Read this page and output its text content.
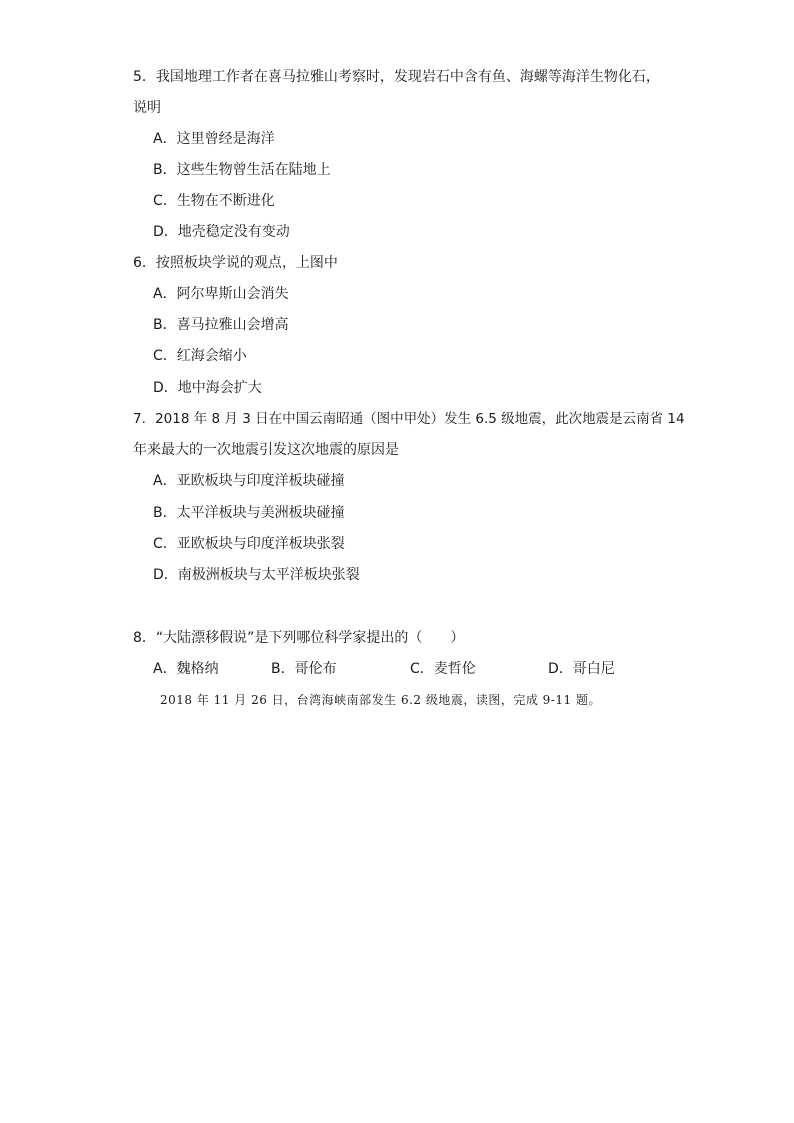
5．我国地理工作者在喜马拉雅山考察时，发现岩石中含有鱼、海螺等海洋生物化石，
说明
A．这里曾经是海洋
B．这些生物曾生活在陆地上
C．生物在不断进化
D．地壳稳定没有变动
6．按照板块学说的观点，上图中
A．阿尔卑斯山会消失
B．喜马拉雅山会增高
C．红海会缩小
D．地中海会扩大
7．2018 年 8 月 3 日在中国云南昭通（图中甲处）发生 6.5 级地震，此次地震是云南省 14
年来最大的一次地震引发这次地震的原因是
A．亚欧板块与印度洋板块碰撞
B．太平洋板块与美洲板块碰撞
C．亚欧板块与印度洋板块张裂
D．南极洲板块与太平洋板块张裂
8．“大陆漂移假说”是下列哪位科学家提出的（　　）
A．魏格纳	B．哥伦布	C．麦哲伦	D．哥白尼
2018 年 11 月 26 日，台湾海峡南部发生 6.2 级地震，读图，完成 9-11 题。
